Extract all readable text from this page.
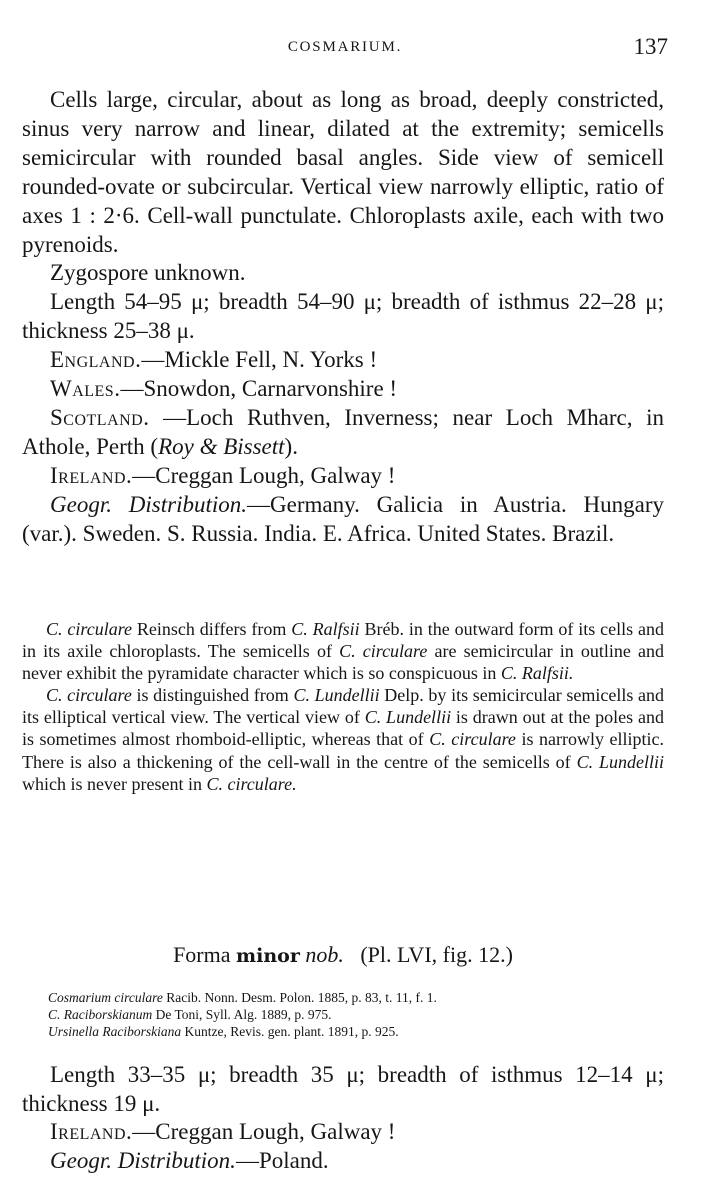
COSMARIUM.	137

Cells large, circular, about as long as broad, deeply constricted, sinus very narrow and linear, dilated at the extremity; semicells semicircular with rounded basal angles. Side view of semicell rounded-ovate or subcircular. Vertical view narrowly elliptic, ratio of axes 1 : 2·6. Cell-wall punctulate. Chloroplasts axile, each with two pyrenoids.

Zygospore unknown.

Length 54–95 μ; breadth 54–90 μ; breadth of isthmus 22–28 μ; thickness 25–38 μ.

England.—Mickle Fell, N. Yorks !

Wales.—Snowdon, Carnarvonshire !

Scotland. —Loch Ruthven, Inverness; near Loch Mharc, in Athole, Perth (Roy & Bissett).

Ireland.—Creggan Lough, Galway !

Geogr. Distribution.—Germany. Galicia in Austria. Hungary (var.). Sweden. S. Russia. India. E. Africa. United States. Brazil.

C. circulare Reinsch differs from C. Ralfsii Bréb. in the outward form of its cells and in its axile chloroplasts. The semicells of C. circulare are semicircular in outline and never exhibit the pyramidate character which is so conspicuous in C. Ralfsii.

C. circulare is distinguished from C. Lundellii Delp. by its semicircular semicells and its elliptical vertical view. The vertical view of C. Lundellii is drawn out at the poles and is sometimes almost rhomboid-elliptic, whereas that of C. circulare is narrowly elliptic. There is also a thickening of the cell-wall in the centre of the semicells of C. Lundellii which is never present in C. circulare.

Forma minor nob. (Pl. LVI, fig. 12.)
Cosmarium circulare Racib. Nonn. Desm. Polon. 1885, p. 83, t. 11, f. 1.
C. Raciborskianum De Toni, Syll. Alg. 1889, p. 975.
Ursinella Raciborskiana Kuntze, Revis. gen. plant. 1891, p. 925.

Length 33–35 μ; breadth 35 μ; breadth of isthmus 12–14 μ; thickness 19 μ.

Ireland.—Creggan Lough, Galway !

Geogr. Distribution.—Poland.
